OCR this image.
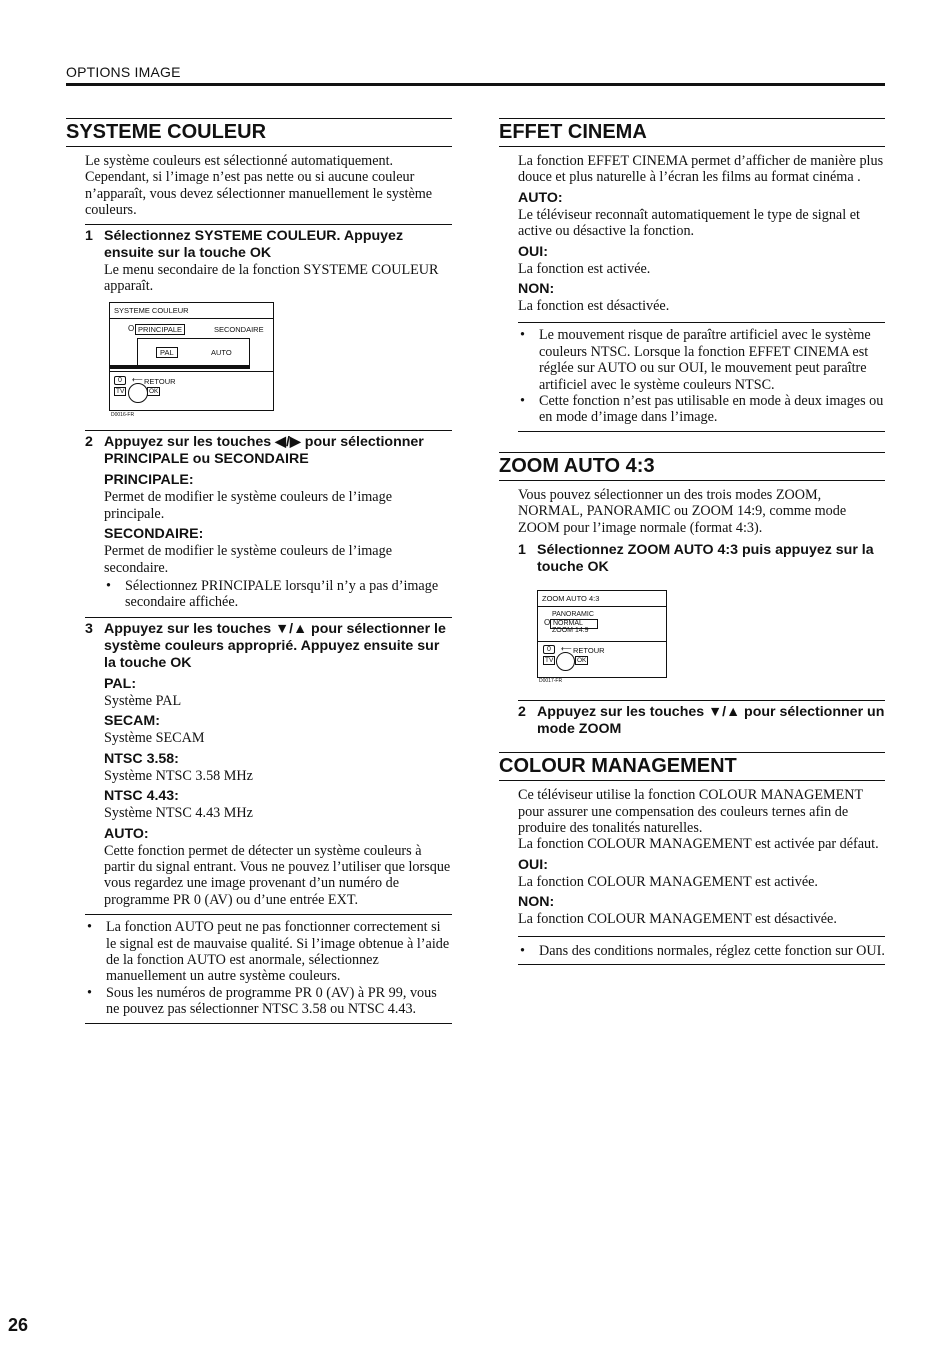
OPTIONS IMAGE
SYSTEME COULEUR
Le système couleurs est sélectionné automatiquement. Cependant, si l’image n’est pas nette ou si aucune couleur n’apparaît, vous devez sélectionner manuellement le système couleurs.
1 Sélectionnez SYSTEME COULEUR. Appuyez ensuite sur la touche OK
Le menu secondaire de la fonction SYSTEME COULEUR apparaît.
SYSTEME COULEUR
O PRINCIPALE	SECONDAIRE
PAL	AUTO
0	⟵ RETOUR
TV	OK
D0016-FR
2 Appuyez sur les touches ◀/▶ pour sélectionner PRINCIPALE ou SECONDAIRE
PRINCIPALE:
Permet de modifier le système couleurs de l’image principale.
SECONDAIRE:
Permet de modifier le système couleurs de l’image secondaire.
• Sélectionnez PRINCIPALE lorsqu’il n’y a pas d’image secondaire affichée.
3 Appuyez sur les touches ▼/▲ pour sélectionner le système couleurs approprié. Appuyez ensuite sur la touche OK
PAL:
Système PAL
SECAM:
Système SECAM
NTSC 3.58:
Système NTSC 3.58 MHz
NTSC 4.43:
Système NTSC 4.43 MHz
AUTO:
Cette fonction permet de détecter un système couleurs à partir du signal entrant. Vous ne pouvez l’utiliser que lorsque vous regardez une image provenant d’un numéro de programme PR 0 (AV) ou d’une entrée EXT.
• La fonction AUTO peut ne pas fonctionner correctement si le signal est de mauvaise qualité. Si l’image obtenue à l’aide de la fonction AUTO est anormale, sélectionnez manuellement un autre système couleurs.
• Sous les numéros de programme PR 0 (AV) à PR 99, vous ne pouvez pas sélectionner NTSC 3.58 ou NTSC 4.43.
EFFET CINEMA
La fonction EFFET CINEMA permet d’afficher de manière plus douce et plus naturelle à l’écran les films au format cinéma .
AUTO:
Le téléviseur reconnaît automatiquement le type de signal et active ou désactive la fonction.
OUI:
La fonction est activée.
NON:
La fonction est désactivée.
• Le mouvement risque de paraître artificiel avec le système couleurs NTSC. Lorsque la fonction EFFET CINEMA est réglée sur AUTO ou sur OUI, le mouvement peut paraître artificiel avec le système couleurs NTSC.
• Cette fonction n’est pas utilisable en mode à deux images ou en mode d’image dans l’image.
ZOOM AUTO 4:3
Vous pouvez sélectionner un des trois modes ZOOM, NORMAL, PANORAMIC ou ZOOM 14:9, comme mode ZOOM pour l’image normale (format 4:3).
1 Sélectionnez ZOOM AUTO 4:3 puis appuyez sur la touche OK
ZOOM AUTO 4:3
O
PANORAMIC
NORMAL
ZOOM 14:9
0	⟵ RETOUR
TV	OK
D0017-FR
2 Appuyez sur les touches ▼/▲ pour sélectionner un mode ZOOM
COLOUR MANAGEMENT
Ce téléviseur utilise la fonction COLOUR MANAGEMENT pour assurer une compensation des couleurs ternes afin de produire des tonalités naturelles.
La fonction COLOUR MANAGEMENT est activée par défaut.
OUI:
La fonction COLOUR MANAGEMENT est activée.
NON:
La fonction COLOUR MANAGEMENT est désactivée.
• Dans des conditions normales, réglez cette fonction sur OUI.
26
